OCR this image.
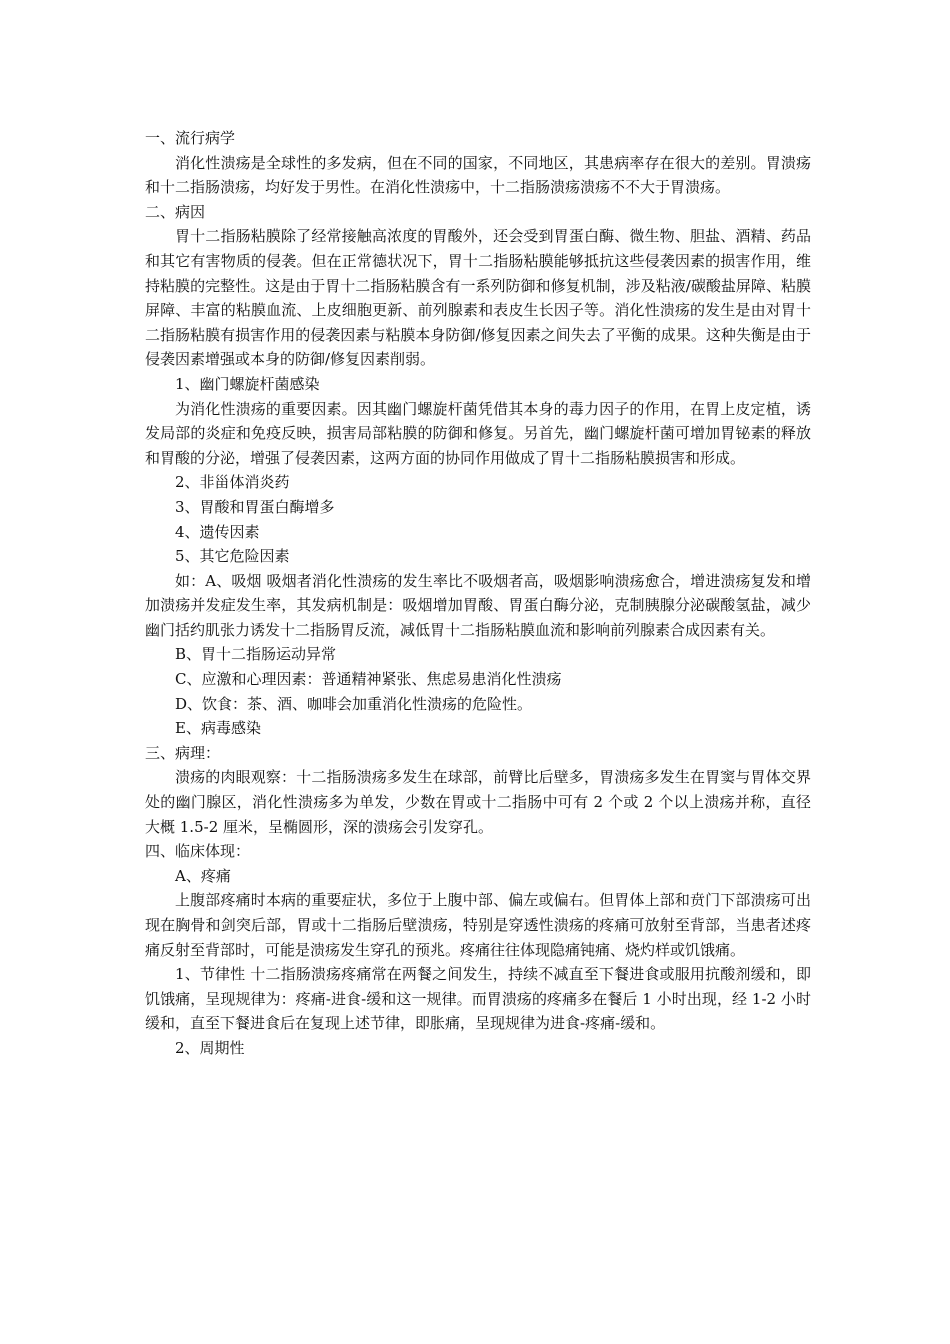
一、流行病学
消化性溃疡是全球性的多发病，但在不同的国家，不同地区，其患病率存在很大的差别。胃溃疡和十二指肠溃疡，均好发于男性。在消化性溃疡中，十二指肠溃疡溃疡不不大于胃溃疡。
二、病因
胃十二指肠粘膜除了经常接触高浓度的胃酸外，还会受到胃蛋白酶、微生物、胆盐、酒精、药品和其它有害物质的侵袭。但在正常德状况下，胃十二指肠粘膜能够抵抗这些侵袭因素的损害作用，维持粘膜的完整性。这是由于胃十二指肠粘膜含有一系列防御和修复机制，涉及粘液/碳酸盐屏障、粘膜屏障、丰富的粘膜血流、上皮细胞更新、前列腺素和表皮生长因子等。消化性溃疡的发生是由对胃十二指肠粘膜有损害作用的侵袭因素与粘膜本身防御/修复因素之间失去了平衡的成果。这种失衡是由于侵袭因素增强或本身的防御/修复因素削弱。
1、幽门螺旋杆菌感染
为消化性溃疡的重要因素。因其幽门螺旋杆菌凭借其本身的毒力因子的作用，在胃上皮定植，诱发局部的炎症和免疫反映，损害局部粘膜的防御和修复。另首先，幽门螺旋杆菌可增加胃铋素的释放和胃酸的分泌，增强了侵袭因素，这两方面的协同作用做成了胃十二指肠粘膜损害和形成。
2、非甾体消炎药
3、胃酸和胃蛋白酶增多
4、遗传因素
5、其它危险因素
如：A、吸烟 吸烟者消化性溃疡的发生率比不吸烟者高，吸烟影响溃疡愈合，增进溃疡复发和增加溃疡并发症发生率，其发病机制是：吸烟增加胃酸、胃蛋白酶分泌，克制胰腺分泌碳酸氢盐，减少幽门括约肌张力诱发十二指肠胃反流，减低胃十二指肠粘膜血流和影响前列腺素合成因素有关。
B、胃十二指肠运动异常
C、应激和心理因素：普通精神紧张、焦虑易患消化性溃疡
D、饮食：茶、酒、咖啡会加重消化性溃疡的危险性。
E、病毒感染
三、病理：
溃疡的肉眼观察：十二指肠溃疡多发生在球部，前臂比后壁多，胃溃疡多发生在胃窦与胃体交界处的幽门腺区，消化性溃疡多为单发，少数在胃或十二指肠中可有 2 个或 2 个以上溃疡并称，直径大概 1.5-2 厘米，呈椭圆形，深的溃疡会引发穿孔。
四、临床体现：
A、疼痛
上腹部疼痛时本病的重要症状，多位于上腹中部、偏左或偏右。但胃体上部和贲门下部溃疡可出现在胸骨和剑突后部，胃或十二指肠后壁溃疡，特别是穿透性溃疡的疼痛可放射至背部，当患者述疼痛反射至背部时，可能是溃疡发生穿孔的预兆。疼痛往往体现隐痛钝痛、烧灼样或饥饿痛。
1、节律性 十二指肠溃疡疼痛常在两餐之间发生，持续不减直至下餐进食或服用抗酸剂缓和，即饥饿痛，呈现规律为：疼痛-进食-缓和这一规律。而胃溃疡的疼痛多在餐后 1 小时出现，经 1-2 小时缓和，直至下餐进食后在复现上述节律，即胀痛，呈现规律为进食-疼痛-缓和。
2、周期性
